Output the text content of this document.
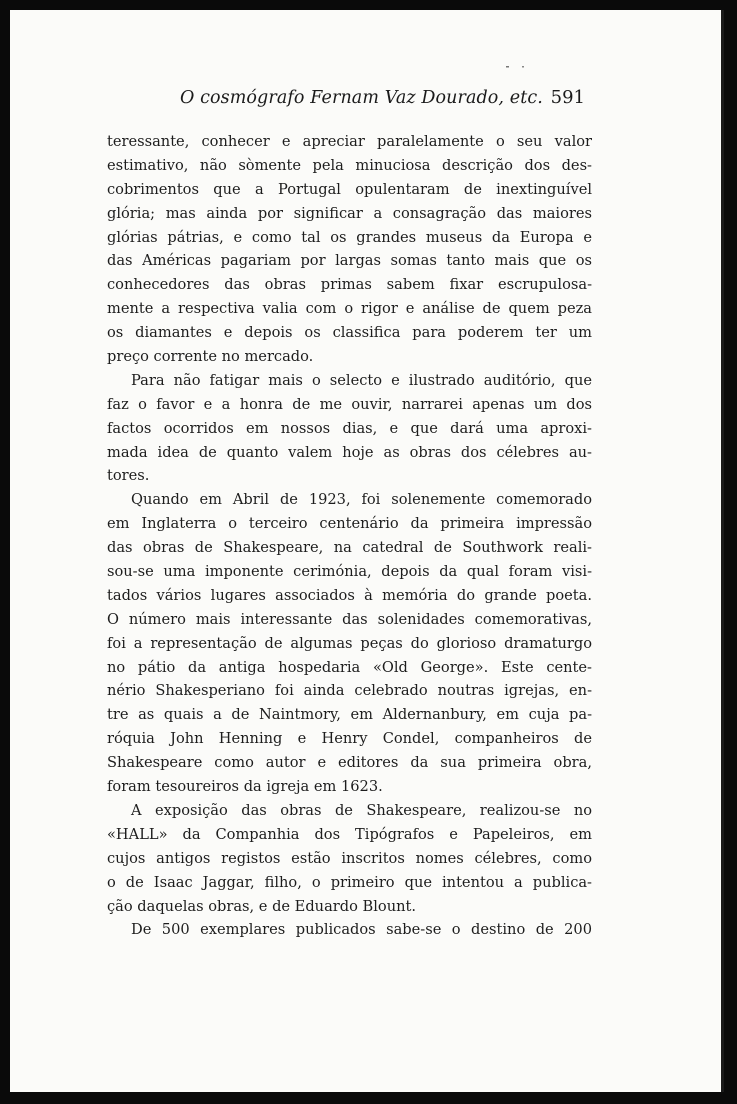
O cosmógrafo Fernam Vaz Dourado, etc. 591
teressante, conhecer e apreciar paralelamente o seu valor
estimativo, não sòmente pela minuciosa descrição dos des-
cobrimentos que a Portugal opulentaram de inextinguível
glória; mas ainda por significar a consagração das maiores
glórias pátrias, e como tal os grandes museus da Europa e
das Américas pagariam por largas somas tanto mais que os
conhecedores das obras primas sabem fixar escrupulosa-
mente a respectiva valia com o rigor e análise de quem peza
os diamantes e depois os classifica para poderem ter um
preço corrente no mercado.
Para não fatigar mais o selecto e ilustrado auditório, que
faz o favor e a honra de me ouvir, narrarei apenas um dos
factos ocorridos em nossos dias, e que dará uma aproxi-
mada idea de quanto valem hoje as obras dos célebres au-
tores.
Quando em Abril de 1923, foi solenemente comemorado
em Inglaterra o terceiro centenário da primeira impressão
das obras de Shakespeare, na catedral de Southwork reali-
sou-se uma imponente cerimónia, depois da qual foram visi-
tados vários lugares associados à memória do grande poeta.
O número mais interessante das solenidades comemorativas,
foi a representação de algumas peças do glorioso dramaturgo
no pátio da antiga hospedaria «Old George». Este cente-
nério Shakesperiano foi ainda celebrado noutras igrejas, en-
tre as quais a de Naintmory, em Aldernanbury, em cuja pa-
róquia John Henning e Henry Condel, companheiros de
Shakespeare como autor e editores da sua primeira obra,
foram tesoureiros da igreja em 1623.
A exposição das obras de Shakespeare, realizou-se no
«HALL» da Companhia dos Tipógrafos e Papeleiros, em
cujos antigos registos estão inscritos nomes célebres, como
o de Isaac Jaggar, filho, o primeiro que intentou a publica-
ção daquelas obras, e de Eduardo Blount.
De 500 exemplares publicados sabe-se o destino de 200
